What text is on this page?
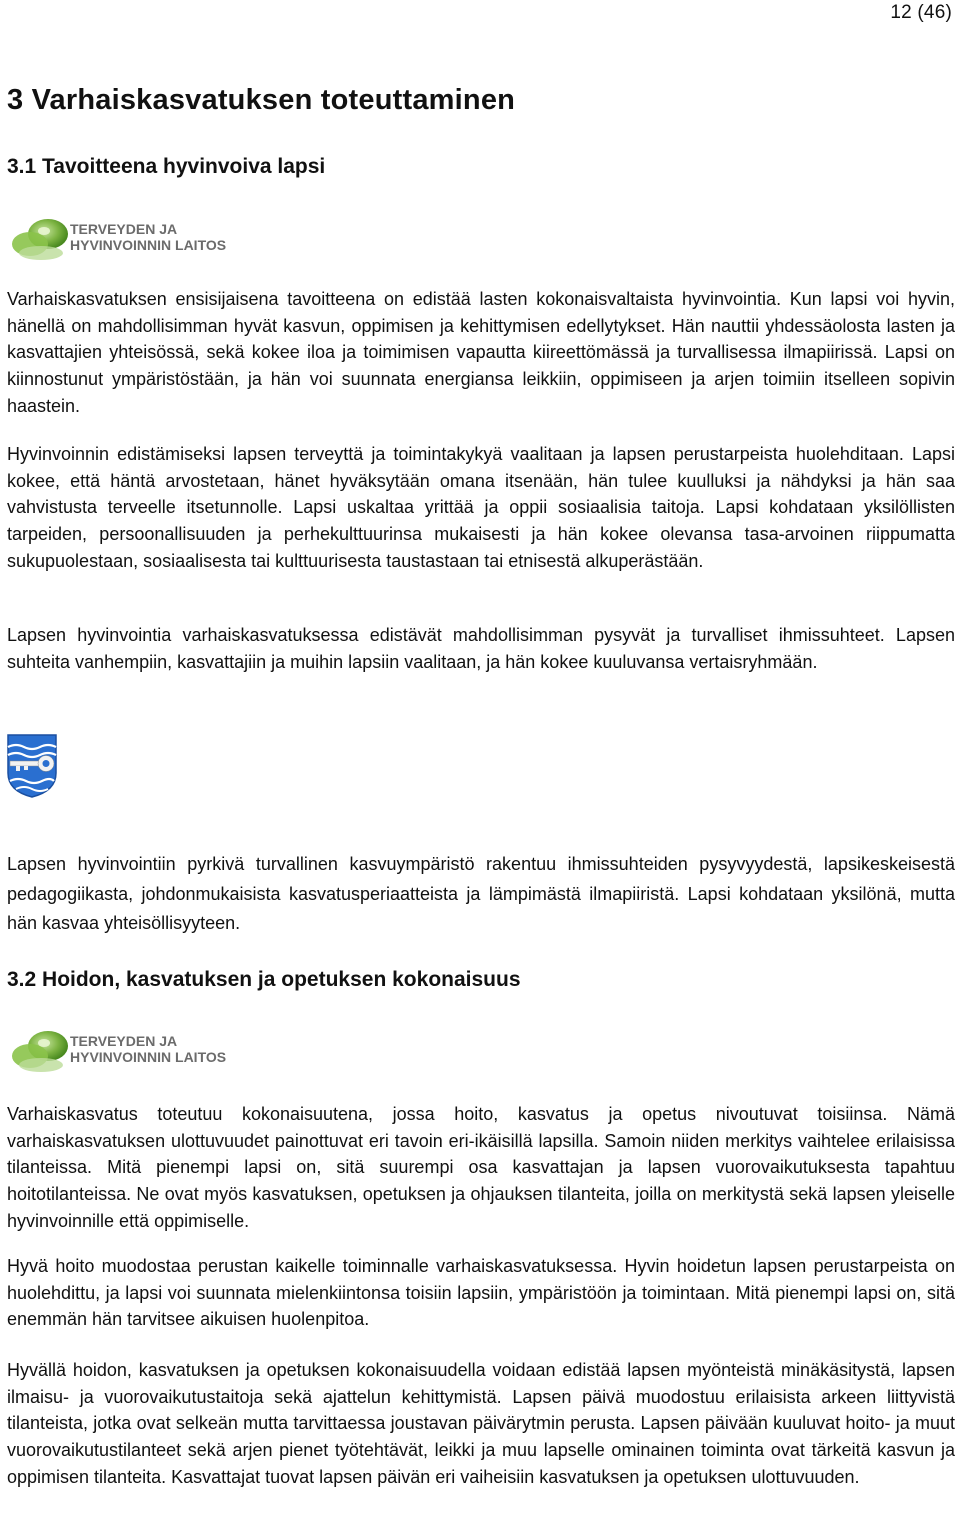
12 (46)
3 Varhaiskasvatuksen toteuttaminen
3.1 Tavoitteena hyvinvoiva lapsi
TERVEYDEN JA
HYVINVOINNIN LAITOS

Varhaiskasvatuksen ensisijaisena tavoitteena on edistää lasten kokonaisvaltaista hyvinvointia. Kun lapsi voi hyvin, hänellä on mahdollisimman hyvät kasvun, oppimisen ja kehittymisen edellytykset. Hän nauttii yhdessäolosta lasten ja kasvattajien yhteisössä, sekä kokee iloa ja toimimisen vapautta kiireettömässä ja turvallisessa ilmapiirissä. Lapsi on kiinnostunut ympäristöstään, ja hän voi suunnata energiansa leikkiin, oppimiseen ja arjen toimiin itselleen sopivin haastein.

Hyvinvoinnin edistämiseksi lapsen terveyttä ja toimintakykyä vaalitaan ja lapsen perustarpeista huolehditaan. Lapsi kokee, että häntä arvostetaan, hänet hyväksytään omana itsenään, hän tulee kuulluksi ja nähdyksi ja hän saa vahvistusta terveelle itsetunnolle. Lapsi uskaltaa yrittää ja oppii sosiaalisia taitoja. Lapsi kohdataan yksilöllisten tarpeiden, persoonallisuuden ja perhekulttuurinsa mukaisesti ja hän kokee olevansa tasa-arvoinen riippumatta sukupuolestaan, sosiaalisesta tai kulttuurisesta taustastaan tai etnisestä alkuperästään.

Lapsen hyvinvointia varhaiskasvatuksessa edistävät mahdollisimman pysyvät ja turvalliset ihmissuhteet. Lapsen suhteita vanhempiin, kasvattajiin ja muihin lapsiin vaalitaan, ja hän kokee kuuluvansa vertaisryhmään.

Lapsen hyvinvointiin pyrkivä turvallinen kasvuympäristö rakentuu ihmissuhteiden pysyvyydestä, lapsikeskeisestä pedagogiikasta, johdonmukaisista kasvatusperiaatteista ja lämpimästä ilmapiiristä. Lapsi kohdataan yksilönä, mutta hän kasvaa yhteisöllisyyteen.

3.2 Hoidon, kasvatuksen ja opetuksen kokonaisuus
TERVEYDEN JA
HYVINVOINNIN LAITOS

Varhaiskasvatus toteutuu kokonaisuutena, jossa hoito, kasvatus ja opetus nivoutuvat toisiinsa. Nämä varhaiskasvatuksen ulottuvuudet painottuvat eri tavoin eri-ikäisillä lapsilla. Samoin niiden merkitys vaihtelee erilaisissa tilanteissa. Mitä pienempi lapsi on, sitä suurempi osa kasvattajan ja lapsen vuorovaikutuksesta tapahtuu hoitotilanteissa. Ne ovat myös kasvatuksen, opetuksen ja ohjauksen tilanteita, joilla on merkitystä sekä lapsen yleiselle hyvinvoinnille että oppimiselle.

Hyvä hoito muodostaa perustan kaikelle toiminnalle varhaiskasvatuksessa. Hyvin hoidetun lapsen perustarpeista on huolehdittu, ja lapsi voi suunnata mielenkiintonsa toisiin lapsiin, ympäristöön ja toimintaan. Mitä pienempi lapsi on, sitä enemmän hän tarvitsee aikuisen huolenpitoa.

Hyvällä hoidon, kasvatuksen ja opetuksen kokonaisuudella voidaan edistää lapsen myönteistä minäkäsitystä, lapsen ilmaisu- ja vuorovaikutustaitoja sekä ajattelun kehittymistä. Lapsen päivä muodostuu erilaisista arkeen liittyvistä tilanteista, jotka ovat selkeän mutta tarvittaessa joustavan päivärytmin perusta. Lapsen päivään kuuluvat hoito- ja muut vuorovaikutustilanteet sekä arjen pienet työtehtävät, leikki ja muu lapselle ominainen toiminta ovat tärkeitä kasvun ja oppimisen tilanteita. Kasvattajat tuovat lapsen päivän eri vaiheisiin kasvatuksen ja opetuksen ulottuvuuden.
